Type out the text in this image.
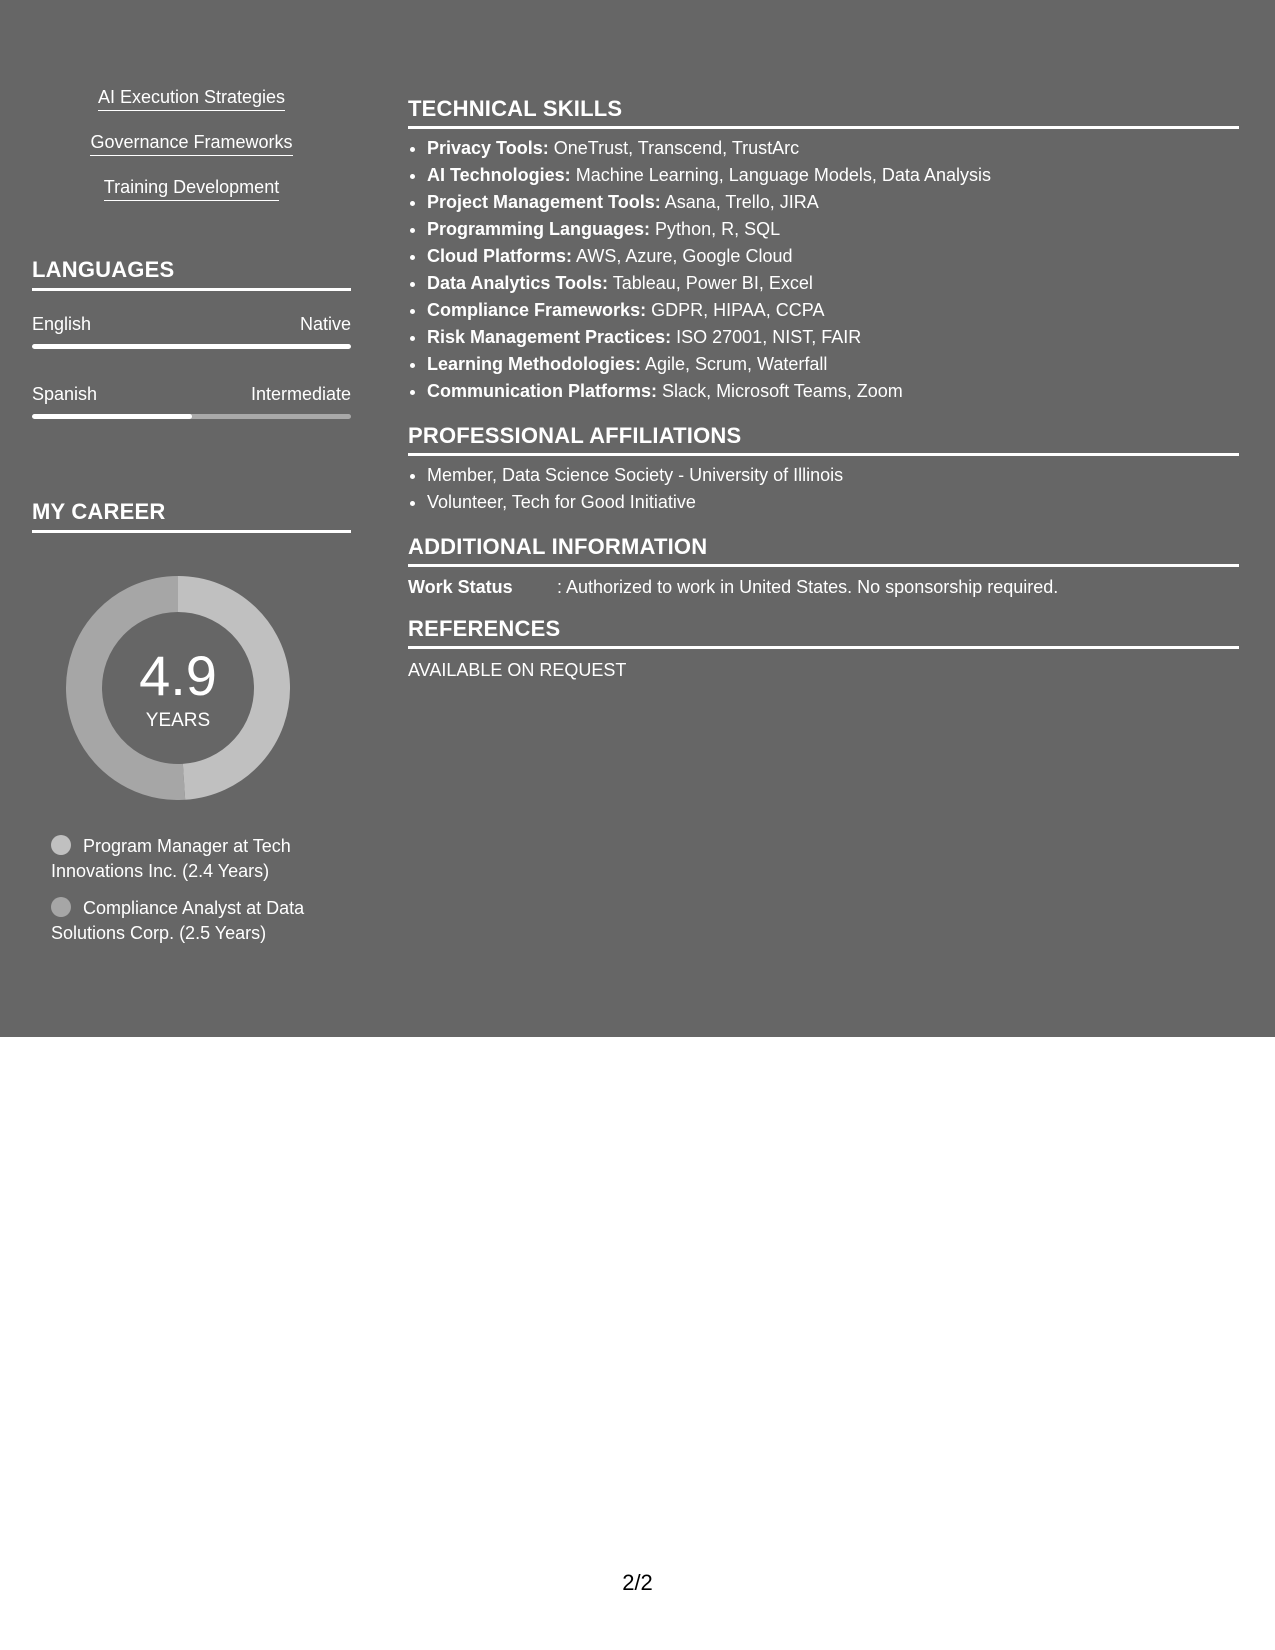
AI Execution Strategies
Governance Frameworks
Training Development
LANGUAGES
English	Native
Spanish	Intermediate
MY CAREER
4.9
YEARS
Program Manager at Tech Innovations Inc. (2.4 Years)
Compliance Analyst at Data Solutions Corp. (2.5 Years)
TECHNICAL SKILLS
• Privacy Tools: OneTrust, Transcend, TrustArc
• AI Technologies: Machine Learning, Language Models, Data Analysis
• Project Management Tools: Asana, Trello, JIRA
• Programming Languages: Python, R, SQL
• Cloud Platforms: AWS, Azure, Google Cloud
• Data Analytics Tools: Tableau, Power BI, Excel
• Compliance Frameworks: GDPR, HIPAA, CCPA
• Risk Management Practices: ISO 27001, NIST, FAIR
• Learning Methodologies: Agile, Scrum, Waterfall
• Communication Platforms: Slack, Microsoft Teams, Zoom
PROFESSIONAL AFFILIATIONS
• Member, Data Science Society - University of Illinois
• Volunteer, Tech for Good Initiative
ADDITIONAL INFORMATION
Work Status : Authorized to work in United States. No sponsorship required.
REFERENCES
AVAILABLE ON REQUEST
2/2
